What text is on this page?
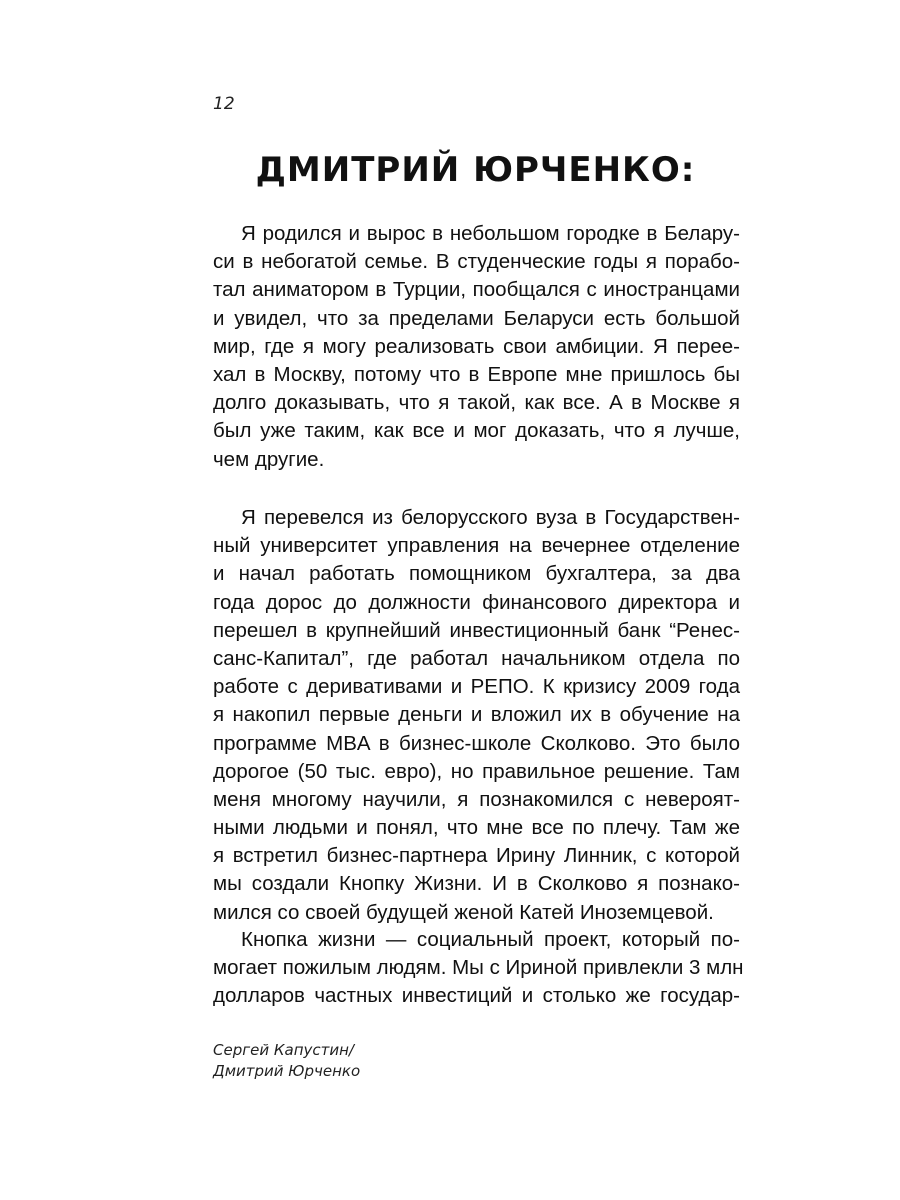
12
ДМИТРИЙ ЮРЧЕНКО:
Я родился и вырос в небольшом городке в Белару-
си в небогатой семье. В студенческие годы я порабо-
тал аниматором в Турции, пообщался с иностранцами
и увидел, что за пределами Беларуси есть большой
мир, где я могу реализовать свои амбиции. Я переe-
хал в Москву, потому что в Европе мне пришлось бы
долго доказывать, что я такой, как все. А в Москве я
был уже таким, как все и мог доказать, что я лучше,
чем другие.
Я перевелся из белорусского вуза в Государствен-
ный университет управления на вечернее отделение
и начал работать помощником бухгалтера, за два
года дорос до должности финансового директора и
перешел в крупнейший инвестиционный банк “Ренес-
санс-Капитал”, где работал начальником отдела по
работе с деривативами и РЕПО. К кризису 2009 года
я накопил первые деньги и вложил их в обучение на
программе MBA в бизнес-школе Сколково. Это было
дорогое (50 тыс. евро), но правильное решение. Там
меня многому научили, я познакомился с невероят-
ными людьми и понял, что мне все по плечу. Там же
я встретил бизнес-партнера Ирину Линник, с которой
мы создали Кнопку Жизни. И в Сколково я познако-
мился со своей будущей женой Катей Иноземцевой.
Кнопка жизни — социальный проект, который по-
могает пожилым людям. Мы с Ириной привлекли 3 млн
долларов частных инвестиций и столько же государ-
Сергей Капустин/
Дмитрий Юрченко
